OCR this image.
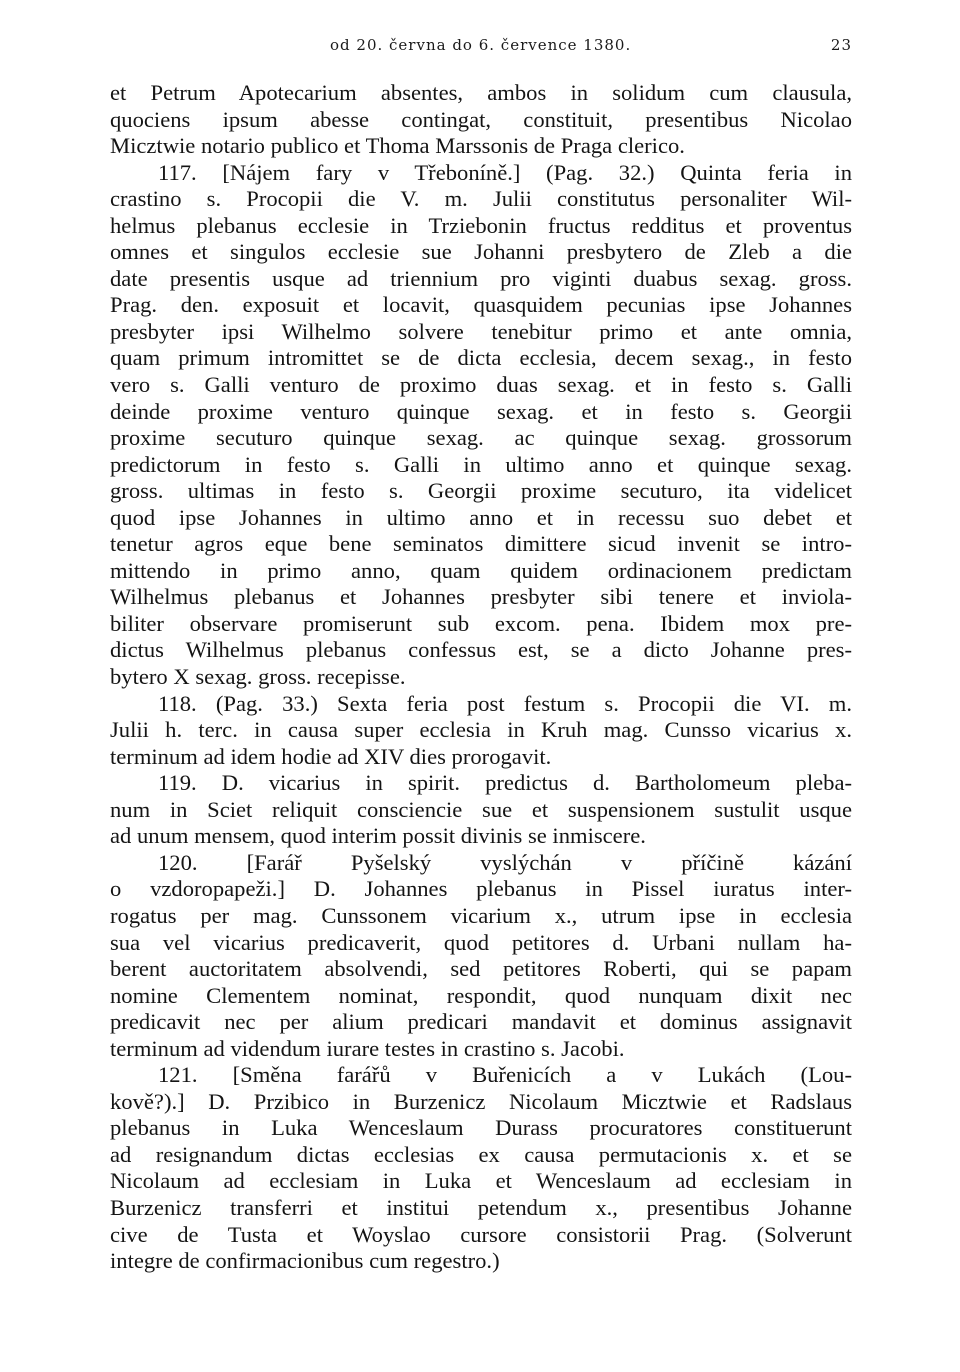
od 20. června do 6. července 1380.	23
et Petrum Apotecarium absentes, ambos in solidum cum clausula,
quociens ipsum abesse contingat, constituit, presentibus Nicolao
Micztwie notario publico et Thoma Marssonis de Praga clerico.
117. [Nájem fary v Třeboníně.] (Pag. 32.) Quinta feria in
crastino s. Procopii die V. m. Julii constitutus personaliter Wil-
helmus plebanus ecclesie in Trziebonin fructus redditus et proventus
omnes et singulos ecclesie sue Johanni presbytero de Zleb a die
date presentis usque ad triennium pro viginti duabus sexag. gross.
Prag. den. exposuit et locavit, quasquidem pecunias ipse Johannes
presbyter ipsi Wilhelmo solvere tenebitur primo et ante omnia,
quam primum intromittet se de dicta ecclesia, decem sexag., in festo
vero s. Galli venturo de proximo duas sexag. et in festo s. Galli
deinde proxime venturo quinque sexag. et in festo s. Georgii
proxime secuturo quinque sexag. ac quinque sexag. grossorum
predictorum in festo s. Galli in ultimo anno et quinque sexag.
gross. ultimas in festo s. Georgii proxime secuturo, ita videlicet
quod ipse Johannes in ultimo anno et in recessu suo debet et
tenetur agros eque bene seminatos dimittere sicud invenit se intro-
mittendo in primo anno, quam quidem ordinacionem predictam
Wilhelmus plebanus et Johannes presbyter sibi tenere et inviola-
biliter observare promiserunt sub excom. pena. Ibidem mox pre-
dictus Wilhelmus plebanus confessus est, se a dicto Johanne pres-
bytero X sexag. gross. recepisse.
118. (Pag. 33.) Sexta feria post festum s. Procopii die VI. m.
Julii h. terc. in causa super ecclesia in Kruh mag. Cunsso vicarius x.
terminum ad idem hodie ad XIV dies prorogavit.
119. D. vicarius in spirit. predictus d. Bartholomeum pleba-
num in Sciet reliquit consciencie sue et suspensionem sustulit usque
ad unum mensem, quod interim possit divinis se inmiscere.
120. [Farář Pyšelský vyslýchán v příčině kázání
o vzdoropapeži.] D. Johannes plebanus in Pissel iuratus inter-
rogatus per mag. Cunssonem vicarium x., utrum ipse in ecclesia
sua vel vicarius predicaverit, quod petitores d. Urbani nullam ha-
berent auctoritatem absolvendi, sed petitores Roberti, qui se papam
nomine Clementem nominat, respondit, quod nunquam dixit nec
predicavit nec per alium predicari mandavit et dominus assignavit
terminum ad videndum iurare testes in crastino s. Jacobi.
121. [Směna farářů v Buřenicích a v Lukách (Lou-
kově?).] D. Przibico in Burzenicz Nicolaum Micztwie et Radslaus
plebanus in Luka Wenceslaum Durass procuratores constituerunt
ad resignandum dictas ecclesias ex causa permutacionis x. et se
Nicolaum ad ecclesiam in Luka et Wenceslaum ad ecclesiam in
Burzenicz transferri et institui petendum x., presentibus Johanne
cive de Tusta et Woyslao cursore consistorii Prag. (Solverunt
integre de confirmacionibus cum regestro.)
